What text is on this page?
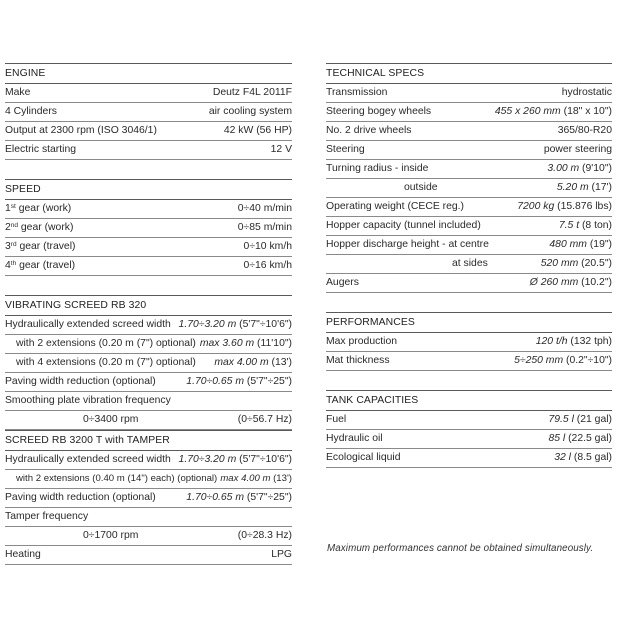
ENGINE
Make	Deutz F4L 2011F
4 Cylinders	air cooling system
Output at 2300 rpm (ISO 3046/1)	42 kW (56 HP)
Electric starting	12 V
SPEED
1st gear (work)	0÷40 m/min
2nd gear (work)	0÷85 m/min
3rd gear (travel)	0÷10 km/h
4th gear (travel)	0÷16 km/h
VIBRATING SCREED RB 320
Hydraulically extended screed width 1.70÷3.20 m (5'7"÷10'6")
with 2 extensions (0.20 m (7") optional) max 3.60 m (11'10")
with 4 extensions (0.20 m (7") optional) max 4.00 m (13')
Paving width reduction (optional)	1.70÷0.65 m (5'7"÷25")
Smoothing plate vibration frequency
0÷3400 rpm	(0÷56.7 Hz)
SCREED RB 3200 T with TAMPER
Hydraulically extended screed width 1.70÷3.20 m (5'7"÷10'6")
with 2 extensions (0.40 m (14") each) (optional) max 4.00 m (13')
Paving width reduction (optional)	1.70÷0.65 m (5'7"÷25")
Tamper frequency
0÷1700 rpm	(0÷28.3 Hz)
Heating	LPG
TECHNICAL SPECS
Transmission	hydrostatic
Steering bogey wheels	455 x 260 mm (18" x 10")
No. 2 drive wheels	365/80-R20
Steering	power steering
Turning radius - inside	3.00 m (9'10")
outside	5.20 m (17')
Operating weight (CECE reg.)	7200 kg (15.876 lbs)
Hopper capacity (tunnel included)	7.5 t (8 ton)
Hopper discharge height - at centre	480 mm (19")
at sides	520 mm (20.5")
Augers	Ø 260 mm (10.2")
PERFORMANCES
Max production	120 t/h (132 tph)
Mat thickness	5÷250 mm (0.2"÷10")
TANK CAPACITIES
Fuel	79.5 l (21 gal)
Hydraulic oil	85 l (22.5 gal)
Ecological liquid	32 l (8.5 gal)
Maximum performances cannot be obtained simultaneously.
